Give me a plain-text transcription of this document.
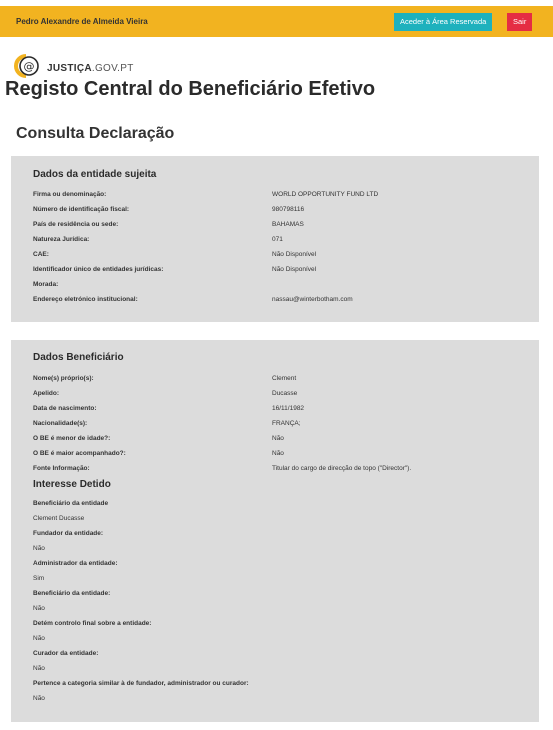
Pedro Alexandre de Almeida Vieira	Aceder à Área Reservada	Sair
@ JUSTIÇA.GOV.PT
Registo Central do Beneficiário Efetivo
Consulta Declaração
Dados da entidade sujeita
Firma ou denominação:	WORLD OPPORTUNITY FUND LTD
Número de identificação fiscal:	980798116
País de residência ou sede:	BAHAMAS
Natureza Jurídica:	071
CAE:	Não Disponível
Identificador único de entidades jurídicas:	Não Disponível
Morada:
Endereço eletrónico institucional:	nassau@winterbotham.com
Dados Beneficiário
Nome(s) próprio(s):	Clement
Apelido:	Ducasse
Data de nascimento:	16/11/1982
Nacionalidade(s):	FRANÇA;
O BE é menor de idade?:	Não
O BE é maior acompanhado?:	Não
Fonte Informação:	Titular do cargo de direcção de topo ("Director").
Interesse Detido
Beneficiário da entidade
Clement Ducasse
Fundador da entidade:
Não
Administrador da entidade:
Sim
Beneficiário da entidade:
Não
Detém controlo final sobre a entidade:
Não
Curador da entidade:
Não
Pertence a categoria similar à de fundador, administrador ou curador:
Não
